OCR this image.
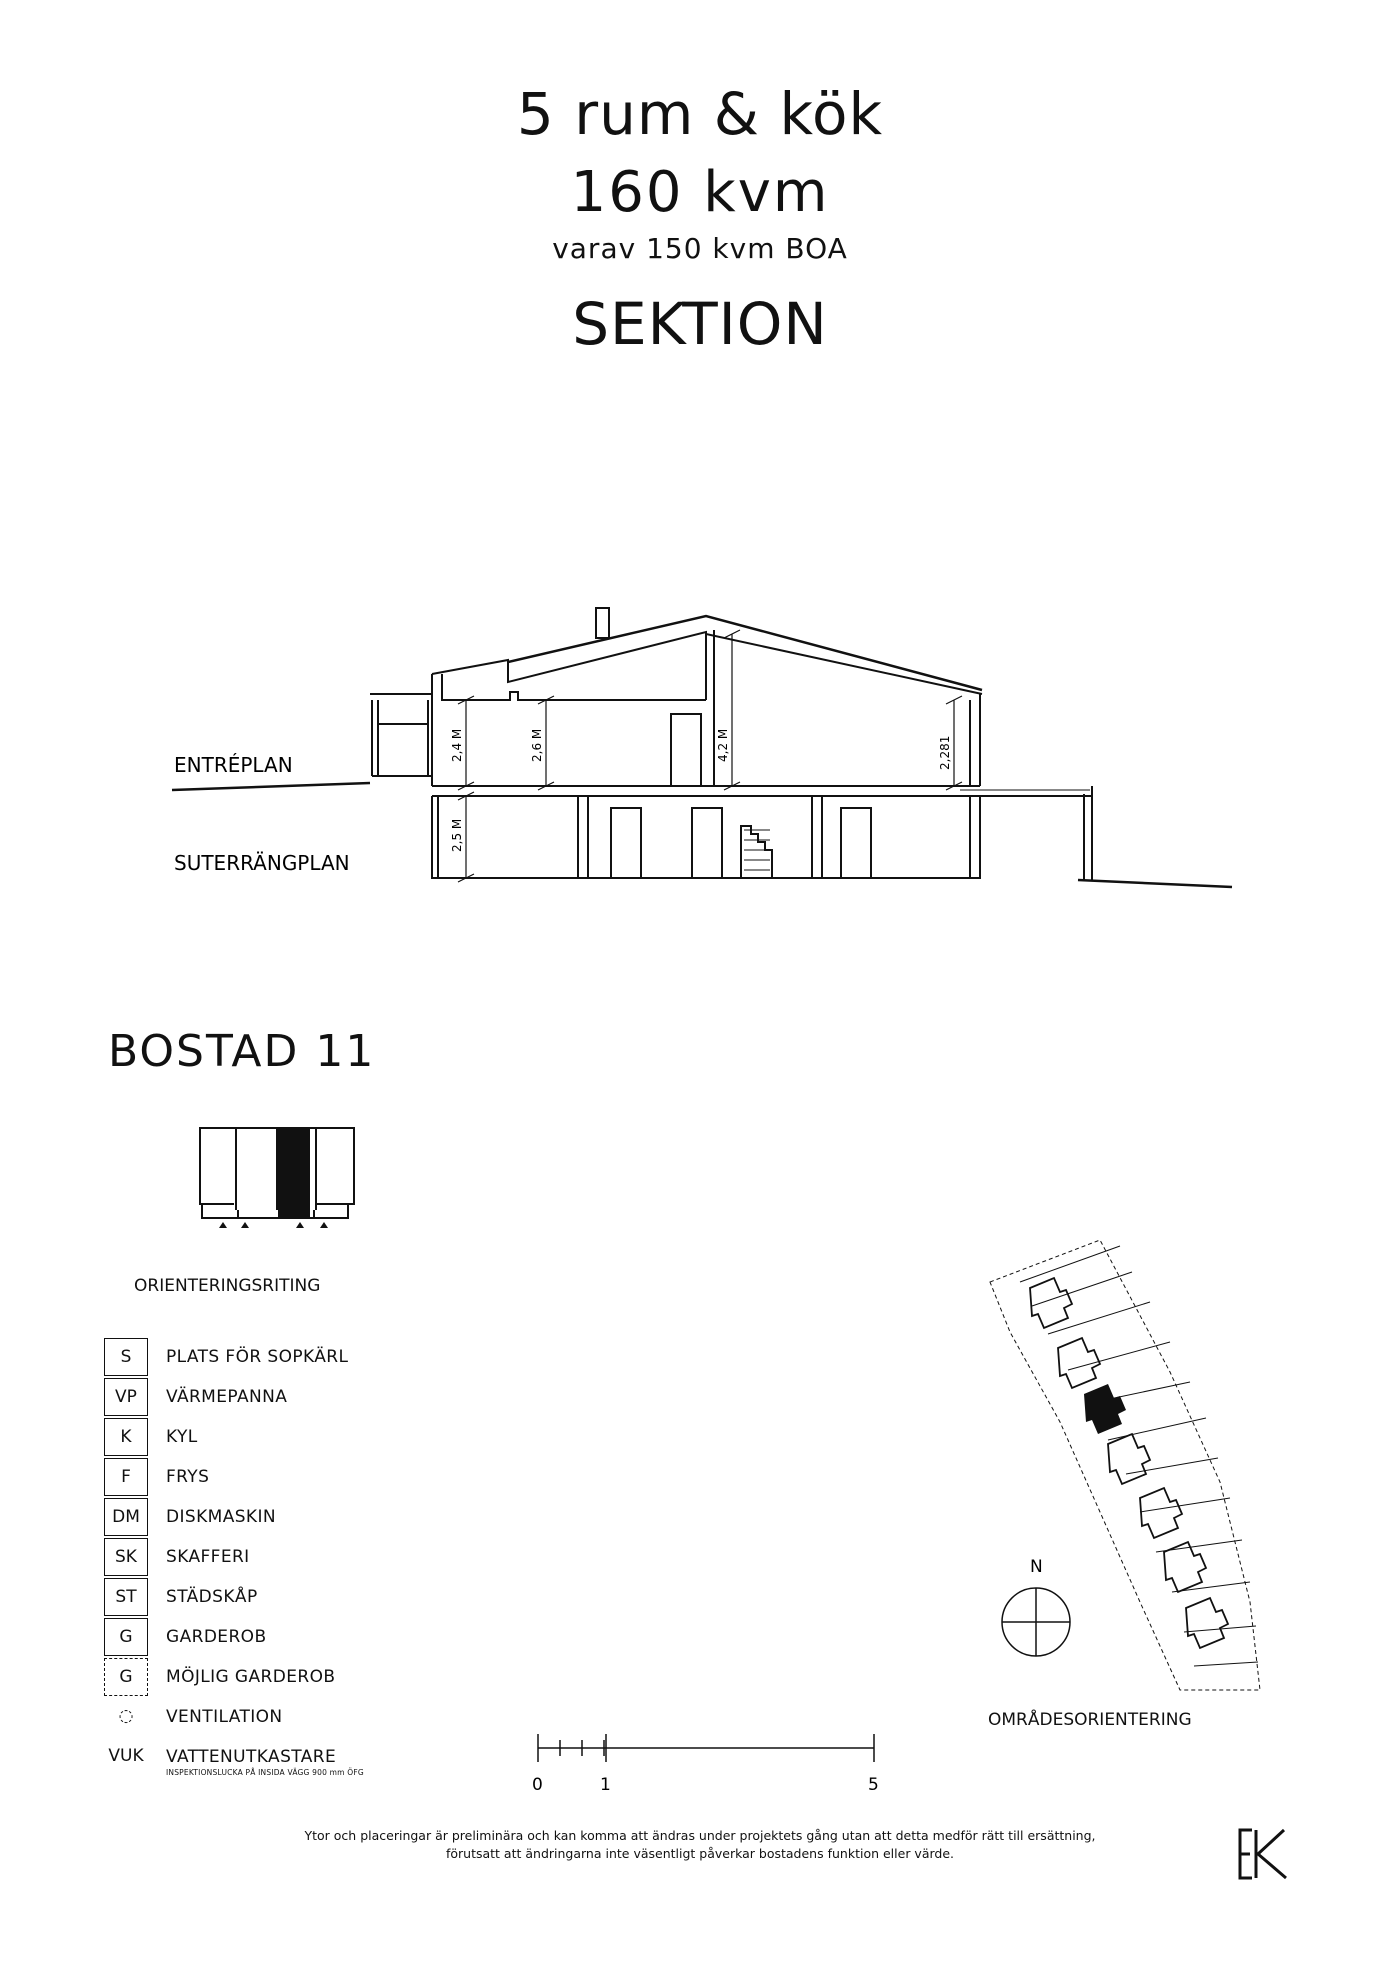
5 rum & kök
160 kvm
varav 150 kvm BOA
SEKTION
2,4 M	2,6 M	4,2 M	2,281
2,5 M
ENTRÉPLAN
SUTERRÄNGPLAN
BOSTAD 11
ORIENTERINGSRITING
S	PLATS FÖR SOPKÄRL
VP	VÄRMEPANNA
K	KYL
F	FRYS
DM	DISKMASKIN
SK	SKAFFERI
ST	STÄDSKÅP
G	GARDEROB
G	MÖJLIG GARDEROB
◌	VENTILATION
VUK VATTENUTKASTARE
INSPEKTIONSLUCKA PÅ INSIDA VÄGG 900 mm ÖFG
0	1	5
N
OMRÅDESORIENTERING
Ytor och placeringar är preliminära och kan komma att ändras under projektets gång utan att detta medför rätt till ersättning,
förutsatt att ändringarna inte väsentligt påverkar bostadens funktion eller värde.
